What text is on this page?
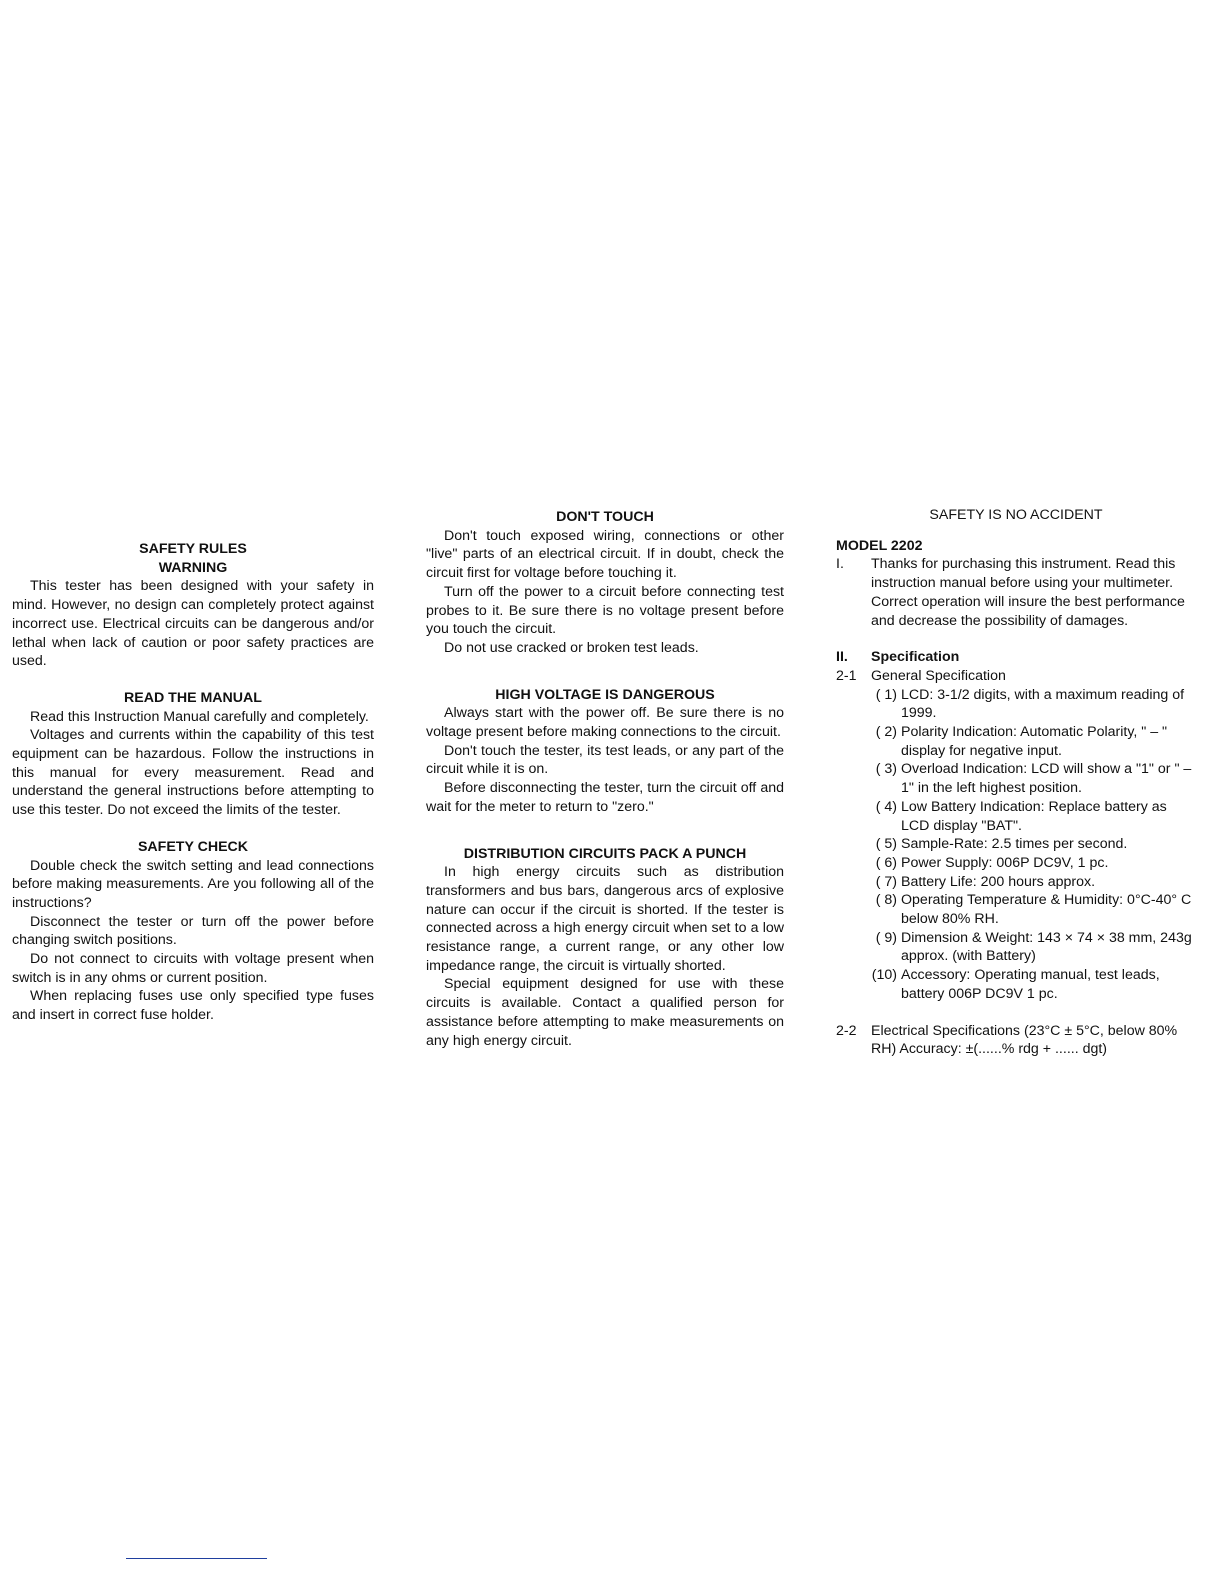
SAFETY RULES
WARNING
This tester has been designed with your safety in mind. However, no design can completely protect against incorrect use. Electrical circuits can be dangerous and/or lethal when lack of caution or poor safety practices are used.
READ THE MANUAL
Read this Instruction Manual carefully and completely.
Voltages and currents within the capability of this test equipment can be hazardous. Follow the instructions in this manual for every measurement. Read and understand the general instructions before attempting to use this tester. Do not exceed the limits of the tester.
SAFETY CHECK
Double check the switch setting and lead connections before making measurements. Are you following all of the instructions?
Disconnect the tester or turn off the power before changing switch positions.
Do not connect to circuits with voltage present when switch is in any ohms or current position.
When replacing fuses use only specified type fuses and insert in correct fuse holder.
DON'T TOUCH
Don't touch exposed wiring, connections or other "live" parts of an electrical circuit. If in doubt, check the circuit first for voltage before touching it.
Turn off the power to a circuit before connecting test probes to it. Be sure there is no voltage present before you touch the circuit.
Do not use cracked or broken test leads.
HIGH VOLTAGE IS DANGEROUS
Always start with the power off. Be sure there is no voltage present before making connections to the circuit.
Don't touch the tester, its test leads, or any part of the circuit while it is on.
Before disconnecting the tester, turn the circuit off and wait for the meter to return to "zero."
DISTRIBUTION CIRCUITS PACK A PUNCH
In high energy circuits such as distribution transformers and bus bars, dangerous arcs of explosive nature can occur if the circuit is shorted. If the tester is connected across a high energy circuit when set to a low resistance range, a current range, or any other low impedance range, the circuit is virtually shorted.
Special equipment designed for use with these circuits is available. Contact a qualified person for assistance before attempting to make measurements on any high energy circuit.
SAFETY IS NO ACCIDENT
MODEL 2202
I.	Thanks for purchasing this instrument. Read this instruction manual before using your multimeter. Correct operation will insure the best performance and decrease the possibility of damages.
II.	Specification
2-1	General Specification
( 1) LCD: 3-1/2 digits, with a maximum reading of 1999.
( 2) Polarity Indication: Automatic Polarity, " – " display for negative input.
( 3) Overload Indication: LCD will show a "1" or " – 1" in the left highest position.
( 4) Low Battery Indication: Replace battery as LCD display "BAT".
( 5) Sample-Rate: 2.5 times per second.
( 6) Power Supply: 006P DC9V, 1 pc.
( 7) Battery Life: 200 hours approx.
( 8) Operating Temperature & Humidity: 0°C-40° C below 80% RH.
( 9) Dimension & Weight: 143 × 74 × 38 mm, 243g approx. (with Battery)
(10) Accessory: Operating manual, test leads, battery 006P DC9V 1 pc.
2-2	Electrical Specifications (23°C ± 5°C, below 80% RH) Accuracy: ±(......% rdg + ...... dgt)
